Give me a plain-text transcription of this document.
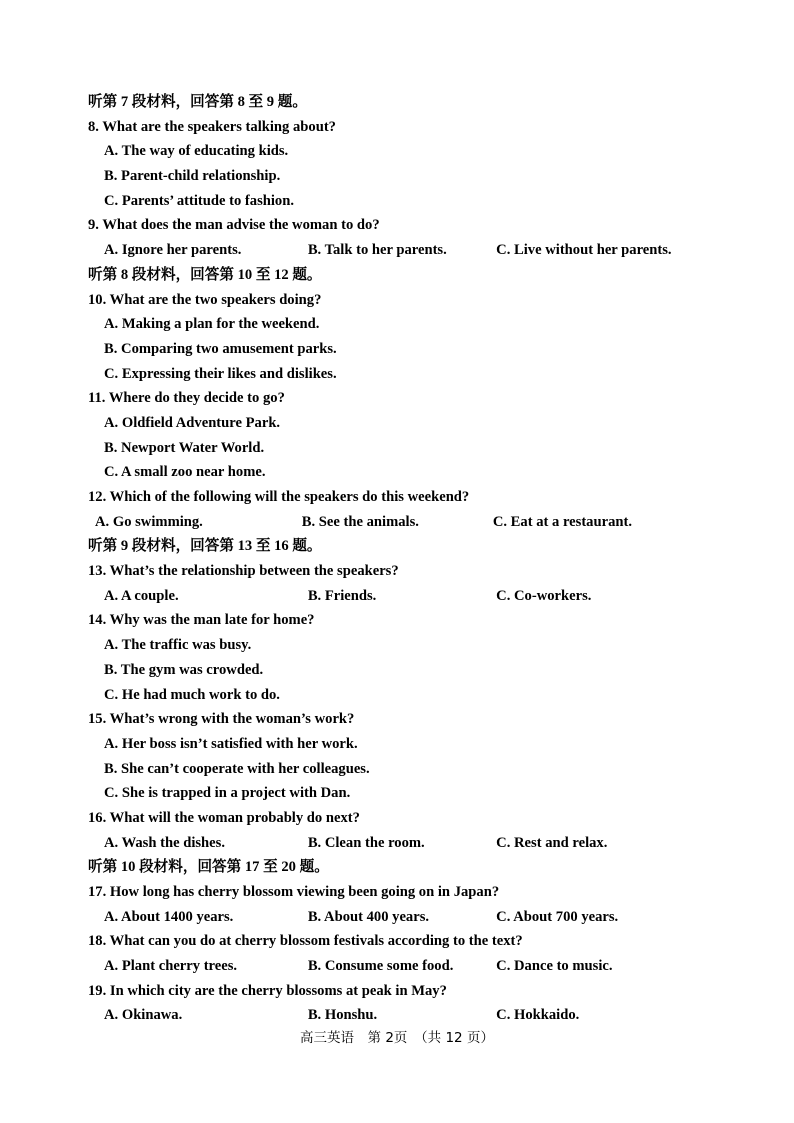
听第 7 段材料，回答第 8 至 9 题。
8. What are the speakers talking about?
A. The way of educating kids.
B. Parent-child relationship.
C. Parents’ attitude to fashion.
9. What does the man advise the woman to do?
A. Ignore her parents.	B. Talk to her parents.	C. Live without her parents.
听第 8 段材料，回答第 10 至 12 题。
10. What are the two speakers doing?
A. Making a plan for the weekend.
B. Comparing two amusement parks.
C. Expressing their likes and dislikes.
11. Where do they decide to go?
A. Oldfield Adventure Park.
B. Newport Water World.
C. A small zoo near home.
12. Which of the following will the speakers do this weekend?
A. Go swimming.	B. See the animals.	C. Eat at a restaurant.
听第 9 段材料，回答第 13 至 16 题。
13. What’s the relationship between the speakers?
A. A couple.	B. Friends.	C. Co-workers.
14. Why was the man late for home?
A. The traffic was busy.
B. The gym was crowded.
C. He had much work to do.
15. What’s wrong with the woman’s work?
A. Her boss isn’t satisfied with her work.
B. She can’t cooperate with her colleagues.
C. She is trapped in a project with Dan.
16. What will the woman probably do next?
A. Wash the dishes.	B. Clean the room.	C. Rest and relax.
听第 10 段材料，回答第 17 至 20 题。
17. How long has cherry blossom viewing been going on in Japan?
A. About 1400 years.	B. About 400 years.	C. About 700 years.
18. What can you do at cherry blossom festivals according to the text?
A. Plant cherry trees.	B. Consume some food.	C. Dance to music.
19. In which city are the cherry blossoms at peak in May?
A. Okinawa.	B. Honshu.	C. Hokkaido.
高三英语　第 2页　（共 12 页）
